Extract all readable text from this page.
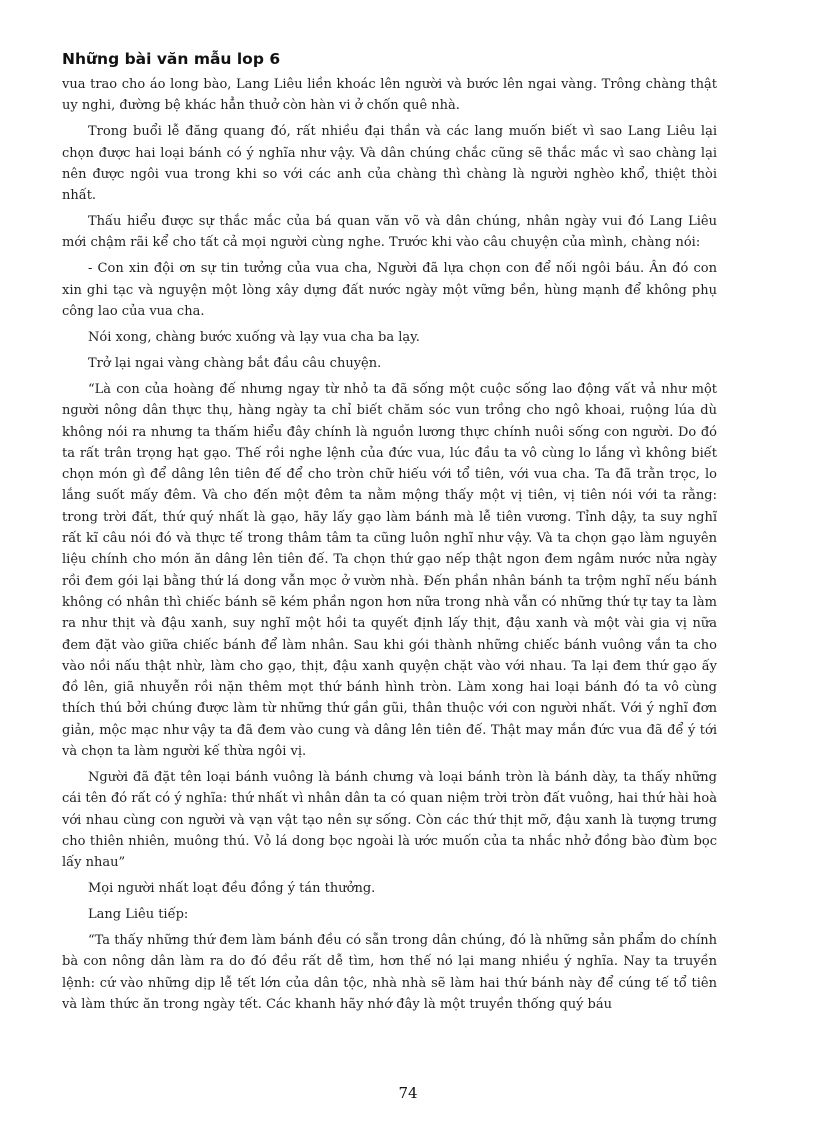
Những bài văn mẫu lop 6

vua trao cho áo long bào, Lang Liêu liền khoác lên người và bước lên ngai vàng. Trông chàng thật uy nghi, đường bệ khác hẳn thuở còn hàn vi ở chốn quê nhà.

Trong buổi lễ đăng quang đó, rất nhiều đại thần và các lang muốn biết vì sao Lang Liêu lại chọn được hai loại bánh có ý nghĩa như vậy. Và dân chúng chắc cũng sẽ thắc mắc vì sao chàng lại nên được ngôi vua trong khi so với các anh của chàng thì chàng là người nghèo khổ, thiệt thòi nhất.

Thấu hiểu được sự thắc mắc của bá quan văn võ và dân chúng, nhân ngày vui đó Lang Liêu mới chậm rãi kể cho tất cả mọi người cùng nghe. Trước khi vào câu chuyện của mình, chàng nói:

- Con xin đội ơn sự tin tưởng của vua cha, Người đã lựa chọn con để nối ngôi báu. Ân đó con xin ghi tạc và nguyện một lòng xây dựng đất nước ngày một vững bền, hùng mạnh để không phụ công lao của vua cha.

Nói xong, chàng bước xuống và lạy vua cha ba lạy.

Trở lại ngai vàng chàng bắt đầu câu chuyện.

“Là con của hoàng đế nhưng ngay từ nhỏ ta đã sống một cuộc sống lao động vất vả như một người nông dân thực thụ, hàng ngày ta chỉ biết chăm sóc vun trồng cho ngô khoai, ruộng lúa dù không nói ra nhưng ta thấm hiểu đây chính là nguồn lương thực chính nuôi sống con người. Do đó ta rất trân trọng hạt gạo. Thế rồi nghe lệnh của đức vua, lúc đầu ta vô cùng lo lắng vì không biết chọn món gì để dâng lên tiên đế để cho tròn chữ hiếu với tổ tiên, với vua cha. Ta đã trằn trọc, lo lắng suốt mấy đêm. Và cho đến một đêm ta nằm mộng thấy một vị tiên, vị tiên nói với ta rằng: trong trời đất, thứ quý nhất là gạo, hãy lấy gạo làm bánh mà lễ tiên vương. Tỉnh dậy, ta suy nghĩ rất kĩ câu nói đó và thực tế trong thâm tâm ta cũng luôn nghĩ như vậy. Và ta chọn gạo làm nguyên liệu chính cho món ăn dâng lên tiên đế. Ta chọn thứ gạo nếp thật ngon đem ngâm nước nửa ngày rồi đem gói lại bằng thứ lá dong vẫn mọc ở vườn nhà. Đến phần nhân bánh ta trộm nghĩ nếu bánh không có nhân thì chiếc bánh sẽ kém phần ngon hơn nữa trong nhà vẫn có những thứ tự tay ta làm ra như thịt và đậu xanh, suy nghĩ một hồi ta quyết định lấy thịt, đậu xanh và một vài gia vị nữa đem đặt vào giữa chiếc bánh để làm nhân. Sau khi gói thành những chiếc bánh vuông vắn ta cho vào nồi nấu thật nhừ, làm cho gạo, thịt, đậu xanh quyện chặt vào với nhau. Ta lại đem thứ gạo ấy đồ lên, giã nhuyễn rồi nặn thêm mọt thứ bánh hình tròn. Làm xong hai loại bánh đó ta vô cùng thích thú bởi chúng được làm từ những thứ gần gũi, thân thuộc với con người nhất. Với ý nghĩ đơn giản, mộc mạc như vậy ta đã đem vào cung và dâng lên tiên đế. Thật may mắn đức vua đã để ý tới và chọn ta làm người kế thừa ngôi vị.

Người đã đặt tên loại bánh vuông là bánh chưng và loại bánh tròn là bánh dày, ta thấy những cái tên đó rất có ý nghĩa: thứ nhất vì nhân dân ta có quan niệm trời tròn đất vuông, hai thứ hài hoà với nhau cùng con người và vạn vật tạo nên sự sống. Còn các thứ thịt mỡ, đậu xanh là tượng trưng cho thiên nhiên, muông thú. Vỏ lá dong bọc ngoài là ước muốn của ta nhắc nhở đồng bào đùm bọc lấy nhau”

Mọi người nhất loạt đều đồng ý tán thưởng.

Lang Liêu tiếp:

“Ta thấy những thứ đem làm bánh đều có sẵn trong dân chúng, đó là những sản phẩm do chính bà con nông dân làm ra do đó đều rất dễ tìm, hơn thế nó lại mang nhiều ý nghĩa. Nay ta truyền lệnh: cứ vào những dịp lễ tết lớn của dân tộc, nhà nhà sẽ làm hai thứ bánh này để cúng tế tổ tiên và làm thức ăn trong ngày tết. Các khanh hãy nhớ đây là một truyền thống quý báu

74
